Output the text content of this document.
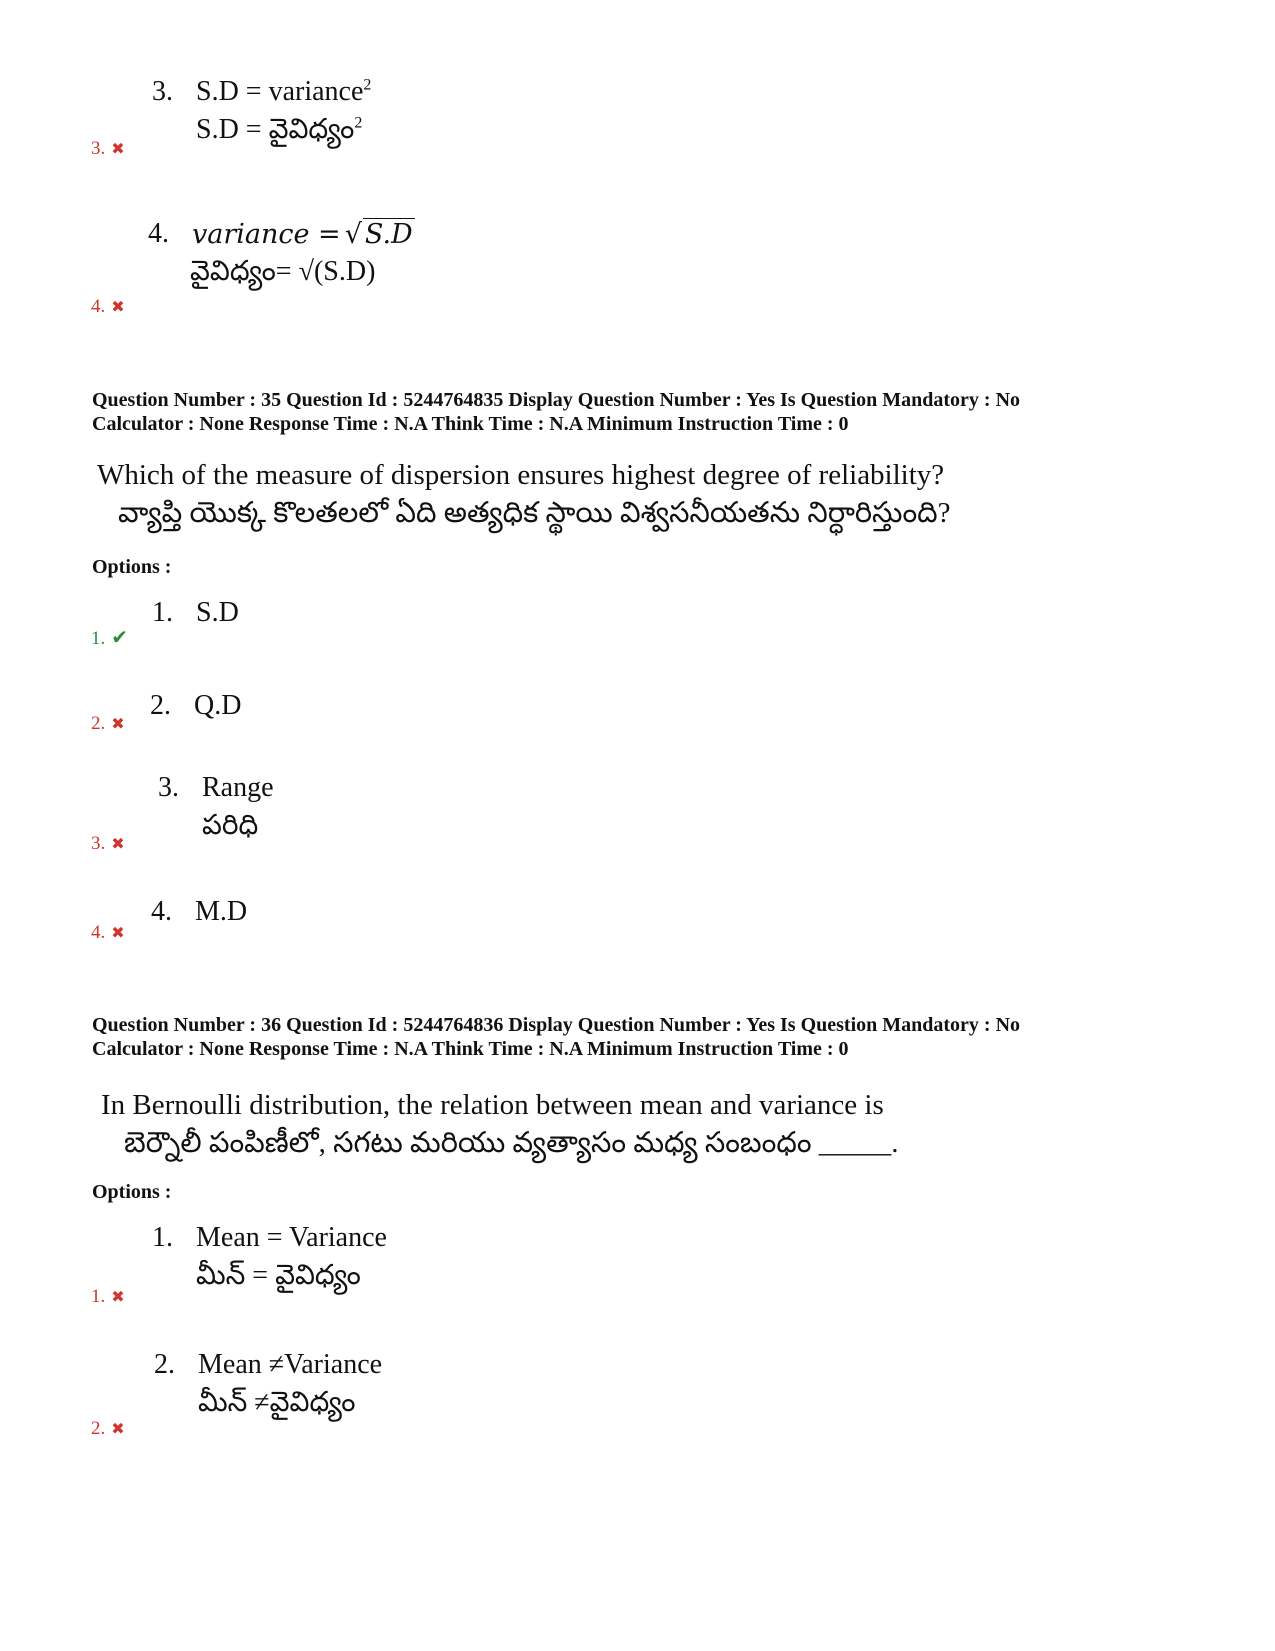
3. S.D = variance$^2$
S.D = వైవిధ్యం$^2$
3. ✖
4. variance = √ S.D
వైవిధ్యం= √(S.D)
4. ✖
Question Number : 35 Question Id : 5244764835 Display Question Number : Yes Is Question Mandatory : No
Calculator : None Response Time : N.A Think Time : N.A Minimum Instruction Time : 0
Which of the measure of dispersion ensures highest degree of reliability?
వ్యాప్తి యొక్క కొలతలలో ఏది అత్యధిక స్థాయి విశ్వసనీయతను నిర్ధారిస్తుంది?
Options :
1. S.D
1. ✔
2. Q.D
2. ✖
3. Range
పరిధి
3. ✖
4. M.D
4. ✖
Question Number : 36 Question Id : 5244764836 Display Question Number : Yes Is Question Mandatory : No
Calculator : None Response Time : N.A Think Time : N.A Minimum Instruction Time : 0
In Bernoulli distribution, the relation between mean and variance is
బెర్నౌలీ పంపిణీలో, సగటు మరియు వ్యత్యాసం మధ్య సంబంధం _____.
Options :
1. Mean = Variance
మీన్ = వైవిధ్యం
1. ✖
2. Mean ≠Variance
మీన్ ≠వైవిధ్యం
2. ✖
